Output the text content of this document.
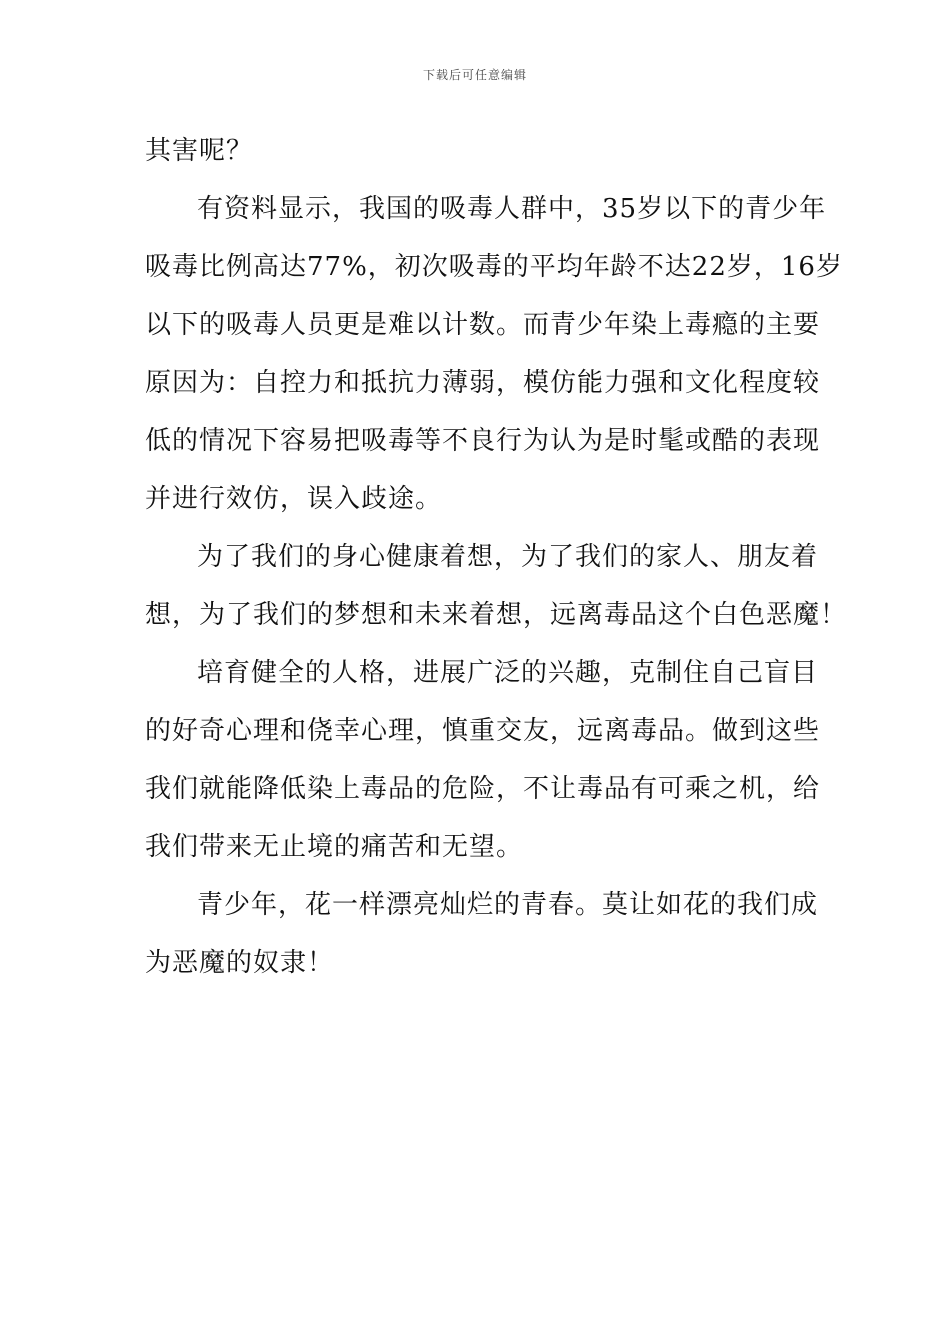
下载后可任意编辑
其害呢？
有资料显示，我国的吸毒人群中，35岁以下的青少年
吸毒比例高达77%，初次吸毒的平均年龄不达22岁，16岁
以下的吸毒人员更是难以计数。而青少年染上毒瘾的主要
原因为：自控力和抵抗力薄弱，模仿能力强和文化程度较
低的情况下容易把吸毒等不良行为认为是时髦或酷的表现
并进行效仿，误入歧途。
为了我们的身心健康着想，为了我们的家人、朋友着
想，为了我们的梦想和未来着想，远离毒品这个白色恶魔！
培育健全的人格，进展广泛的兴趣，克制住自己盲目
的好奇心理和侥幸心理，慎重交友，远离毒品。做到这些
我们就能降低染上毒品的危险，不让毒品有可乘之机，给
我们带来无止境的痛苦和无望。
青少年，花一样漂亮灿烂的青春。莫让如花的我们成
为恶魔的奴隶！
